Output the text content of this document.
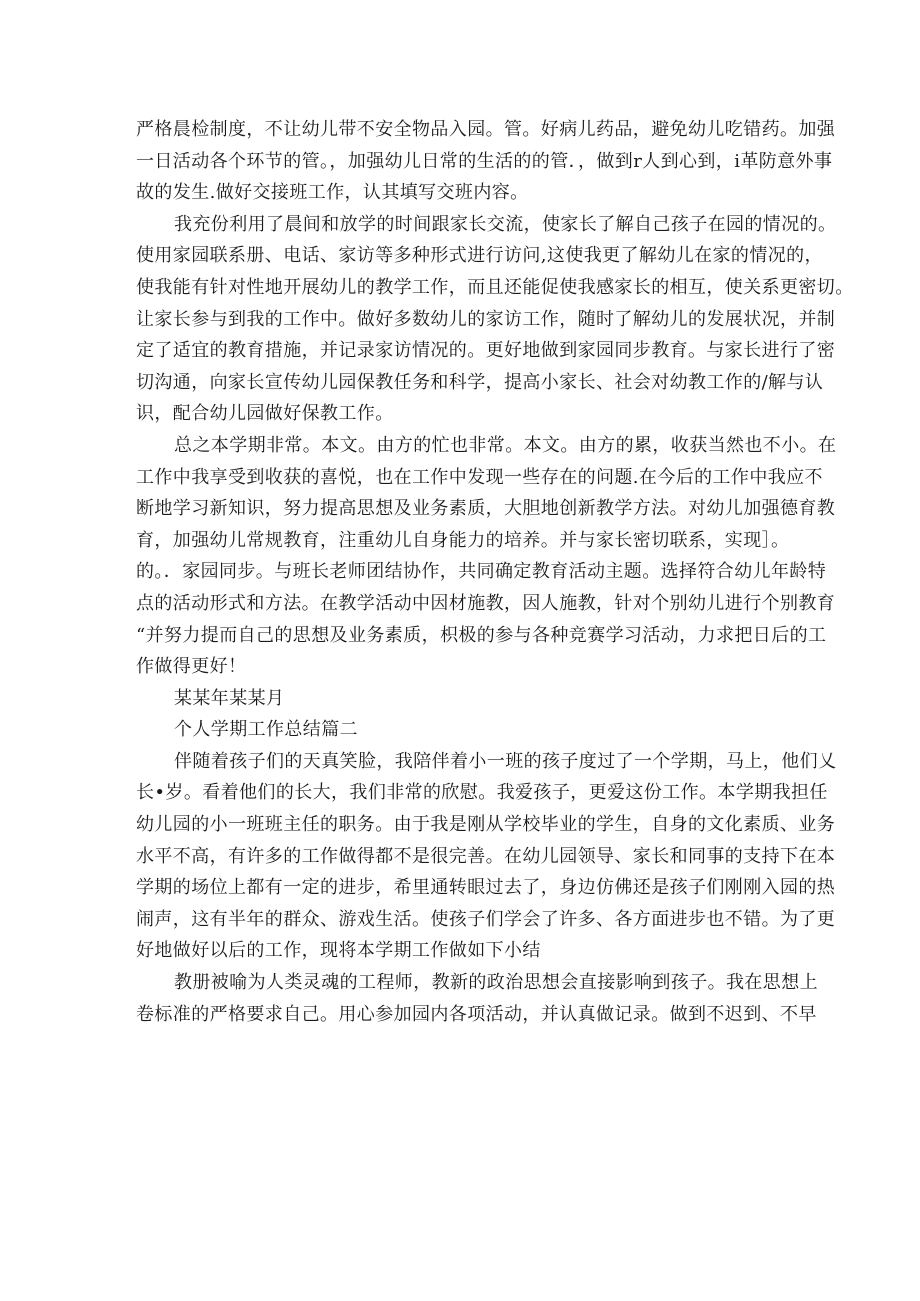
严格晨检制度，不让幼儿带不安全物品入园。管。好病儿药品，避免幼儿吃错药。加强
一日活动各个环节的管。，加强幼儿日常的生活的的管．，做到r人到心到，i革防意外事
故的发生.做好交接班工作，认其填写交班内容。

我充份利用了晨间和放学的时间跟家长交流，使家长了解自己孩子在园的情况的。
使用家园联系册、电话、家访等多种形式进行访问,这使我更了解幼儿在家的情况的，
使我能有针对性地开展幼儿的教学工作，而且还能促使我感家长的相互，使关系更密切。
让家长参与到我的工作中。做好多数幼儿的家访工作，随时了解幼儿的发展状况，并制
定了适宜的教育措施，并记录家访情况的。更好地做到家园同步教育。与家长进行了密
切沟通，向家长宣传幼儿园保教任务和科学，提高小家长、社会对幼教工作的/解与认
识，配合幼儿园做好保教工作。

总之本学期非常。本文。由方的忙也非常。本文。由方的累，收获当然也不小。在
工作中我享受到收获的喜悦，也在工作中发现一些存在的问题.在今后的工作中我应不
断地学习新知识，努力提高思想及业务素质，大胆地创新教学方法。对幼儿加强德育教
育，加强幼儿常规教育，注重幼儿自身能力的培养。并与家长密切联系，实现］。
的。．家园同步。与班长老师团结协作，共同确定教育活动主题。选择符合幼儿年龄特
点的活动形式和方法。在教学活动中因材施教，因人施教，针对个别幼儿进行个别教育
“并努力提而自己的思想及业务素质，枳极的参与各种竞赛学习活动，力求把日后的工
作做得更好！

某某年某某月

个人学期工作总结篇二

伴随着孩子们的天真笑脸，我陪伴着小一班的孩子度过了一个学期，马上，他们乂
长•岁。看着他们的长大，我们非常的欣慰。我爱孩子，更爱这份工作。本学期我担任
幼儿园的小一班班主任的职务。由于我是刚从学校毕业的学生，自身的文化素质、业务
水平不高，有许多的工作做得都不是很完善。在幼儿园领导、家长和同事的支持下在本
学期的场位上都有一定的进步，希里通转眼过去了，身边仿佛还是孩子们刚刚入园的热
闹声，这有半年的群众、游戏生活。使孩子们学会了许多、各方面进步也不错。为了更
好地做好以后的工作，现将本学期工作做如下小结

教册被喻为人类灵魂的工程师，教新的政治思想会直接影响到孩子。我在思想上
卷标准的严格要求自己。用心参加园内各项活动，并认真做记录。做到不迟到、不早
